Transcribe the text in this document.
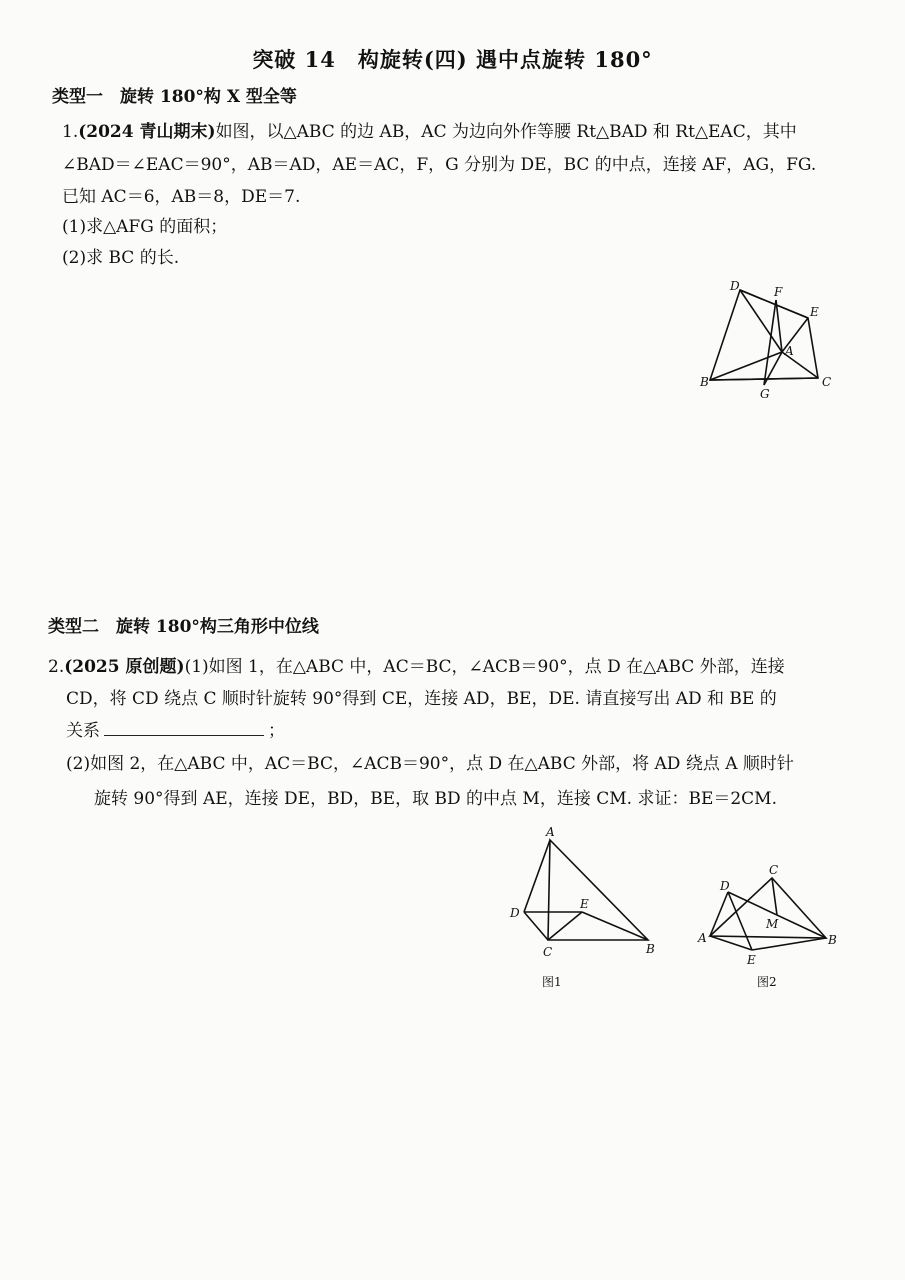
突破 14　构旋转(四) 遇中点旋转 180°
类型一　旋转 180°构 X 型全等
1.(2024 青山期末)如图，以△ABC 的边 AB，AC 为边向外作等腰 Rt△BAD 和 Rt△EAC，其中
∠BAD＝∠EAC＝90°，AB＝AD，AE＝AC，F，G 分别为 DE，BC 的中点，连接 AF，AG，FG.
已知 AC＝6，AB＝8，DE＝7.
(1)求△AFG 的面积；
(2)求 BC 的长.
D	F
E
A
B	C
G
类型二　旋转 180°构三角形中位线
2.(2025 原创题)(1)如图 1，在△ABC 中，AC＝BC，∠ACB＝90°，点 D 在△ABC 外部，连接
CD，将 CD 绕点 C 顺时针旋转 90°得到 CE，连接 AD，BE，DE. 请直接写出 AD 和 BE 的
关系	；
(2)如图 2，在△ABC 中，AC＝BC，∠ACB＝90°，点 D 在△ABC 外部，将 AD 绕点 A 顺时针
旋转 90°得到 AE，连接 DE，BD，BE，取 BD 的中点 M，连接 CM. 求证：BE＝2CM.
A
D
E
C	B
图1
C
D
M
A	B
E
图2
